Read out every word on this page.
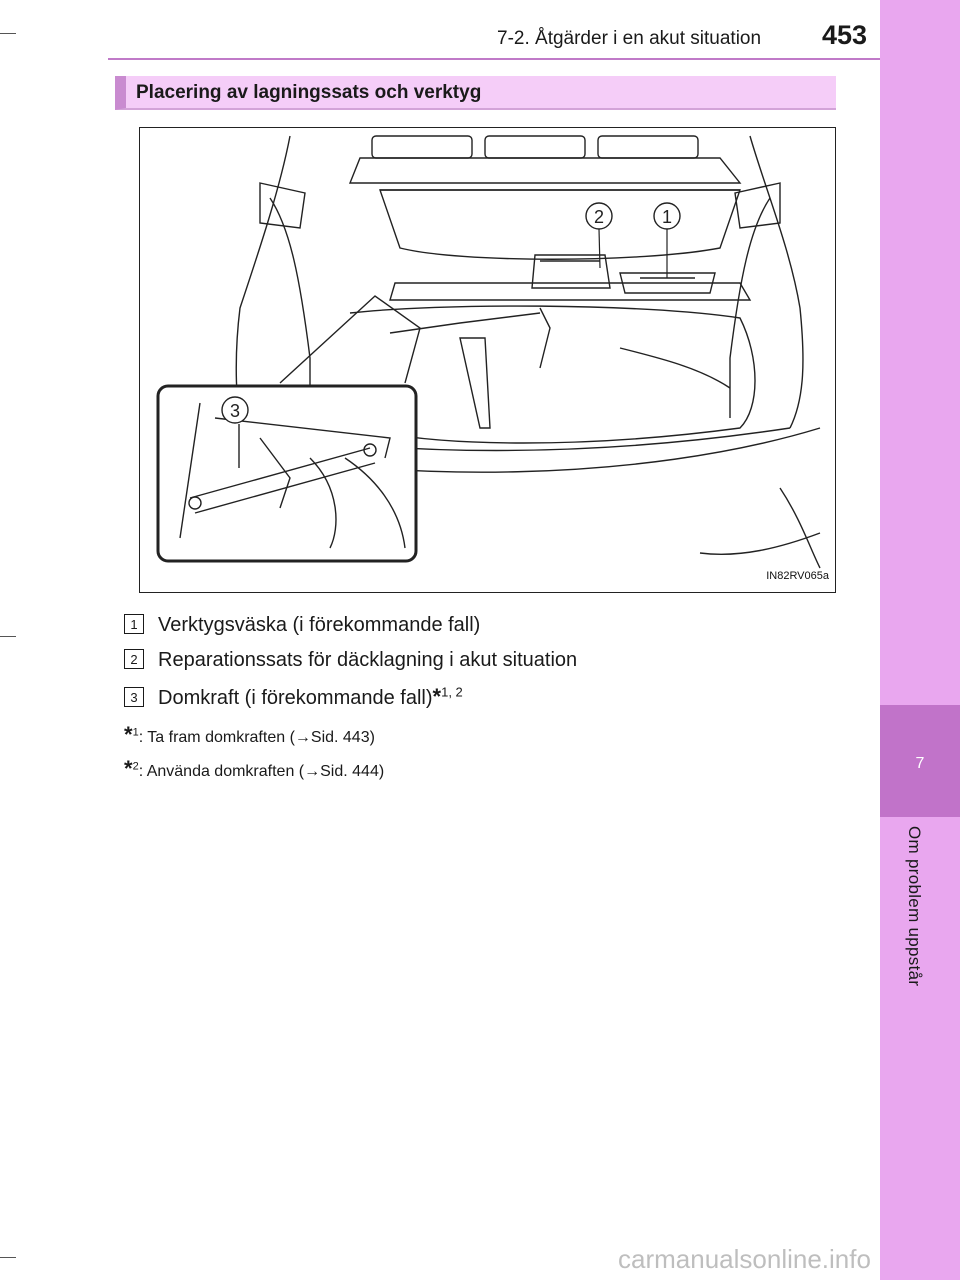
7-2. Åtgärder i en akut situation 453
7
Om problem uppstår
Placering av lagningssats och verktyg
2	1
3
IN82RV065a
1 Verktygsväska (i förekommande fall)
2 Reparationssats för däcklagning i akut situation
3 Domkraft (i förekommande fall)*$^{1, 2}$
*$^1$: Ta fram domkraften (→Sid. 443)
*$^2$: Använda domkraften (→Sid. 444)
carmanualsonline.info
